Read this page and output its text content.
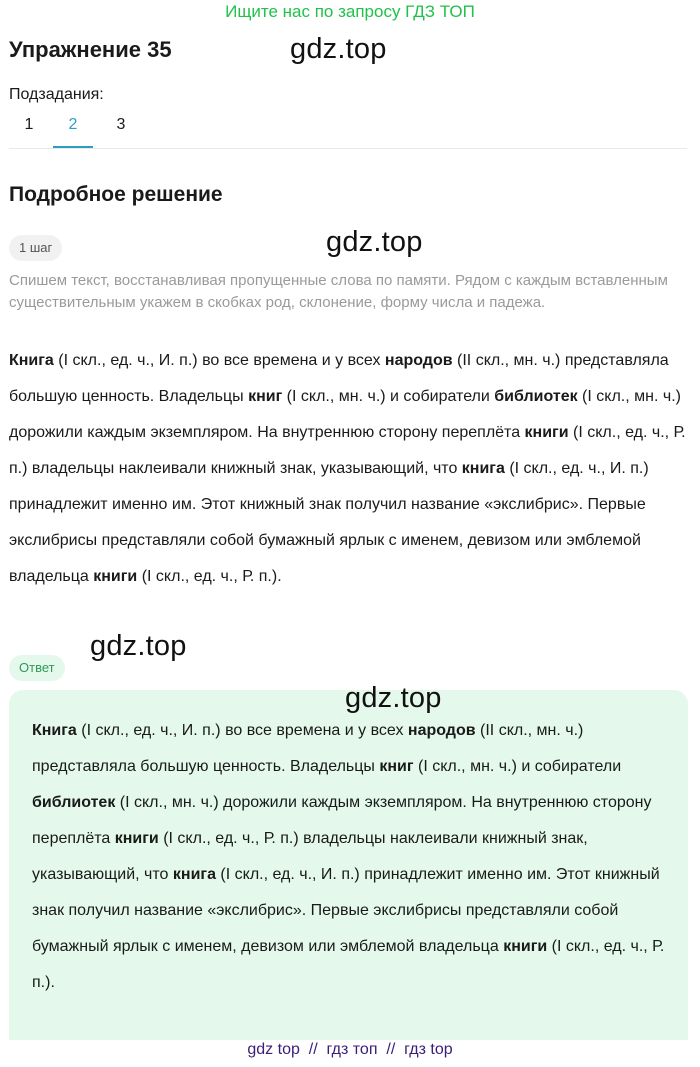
Ищите нас по запросу ГДЗ ТОП
gdz.top
Упражнение 35
Подзадания:
1	2	3
Подробное решение
1 шаг	gdz.top
Спишем текст, восстанавливая пропущенные слова по памяти. Рядом с каждым вставленным существительным укажем в скобках род, склонение, форму числа и падежа.
Книга (I скл., ед. ч., И. п.) во все времена и у всех народов (II скл., мн. ч.) представляла большую ценность. Владельцы книг (I скл., мн. ч.) и собиратели библиотек (I скл., мн. ч.) дорожили каждым экземпляром. На внутреннюю сторону переплёта книги (I скл., ед. ч., Р. п.) владельцы наклеивали книжный знак, указывающий, что книга (I скл., ед. ч., И. п.) принадлежит именно им. Этот книжный знак получил название «экслибрис». Первые экслибрисы представляли собой бумажный ярлык с именем, девизом или эмблемой владельца книги (I скл., ед. ч., Р. п.).
gdz.top
Ответ
Книга (I скл., ед. ч., И. п.) во все времена и у всех народов (II скл., мн. ч.) представляла большую ценность. Владельцы книг (I скл., мн. ч.) и собиратели библиотек (I скл., мн. ч.) дорожили каждым экземпляром. На внутреннюю сторону переплёта книги (I скл., ед. ч., Р. п.) владельцы наклеивали книжный знак, указывающий, что книга (I скл., ед. ч., И. п.) принадлежит именно им. Этот книжный знак получил название «экслибрис». Первые экслибрисы представляли собой бумажный ярлык с именем, девизом или эмблемой владельца книги (I скл., ед. ч., Р. п.).
gdz.top
gdz top  //  гдз топ  //  гдз top
